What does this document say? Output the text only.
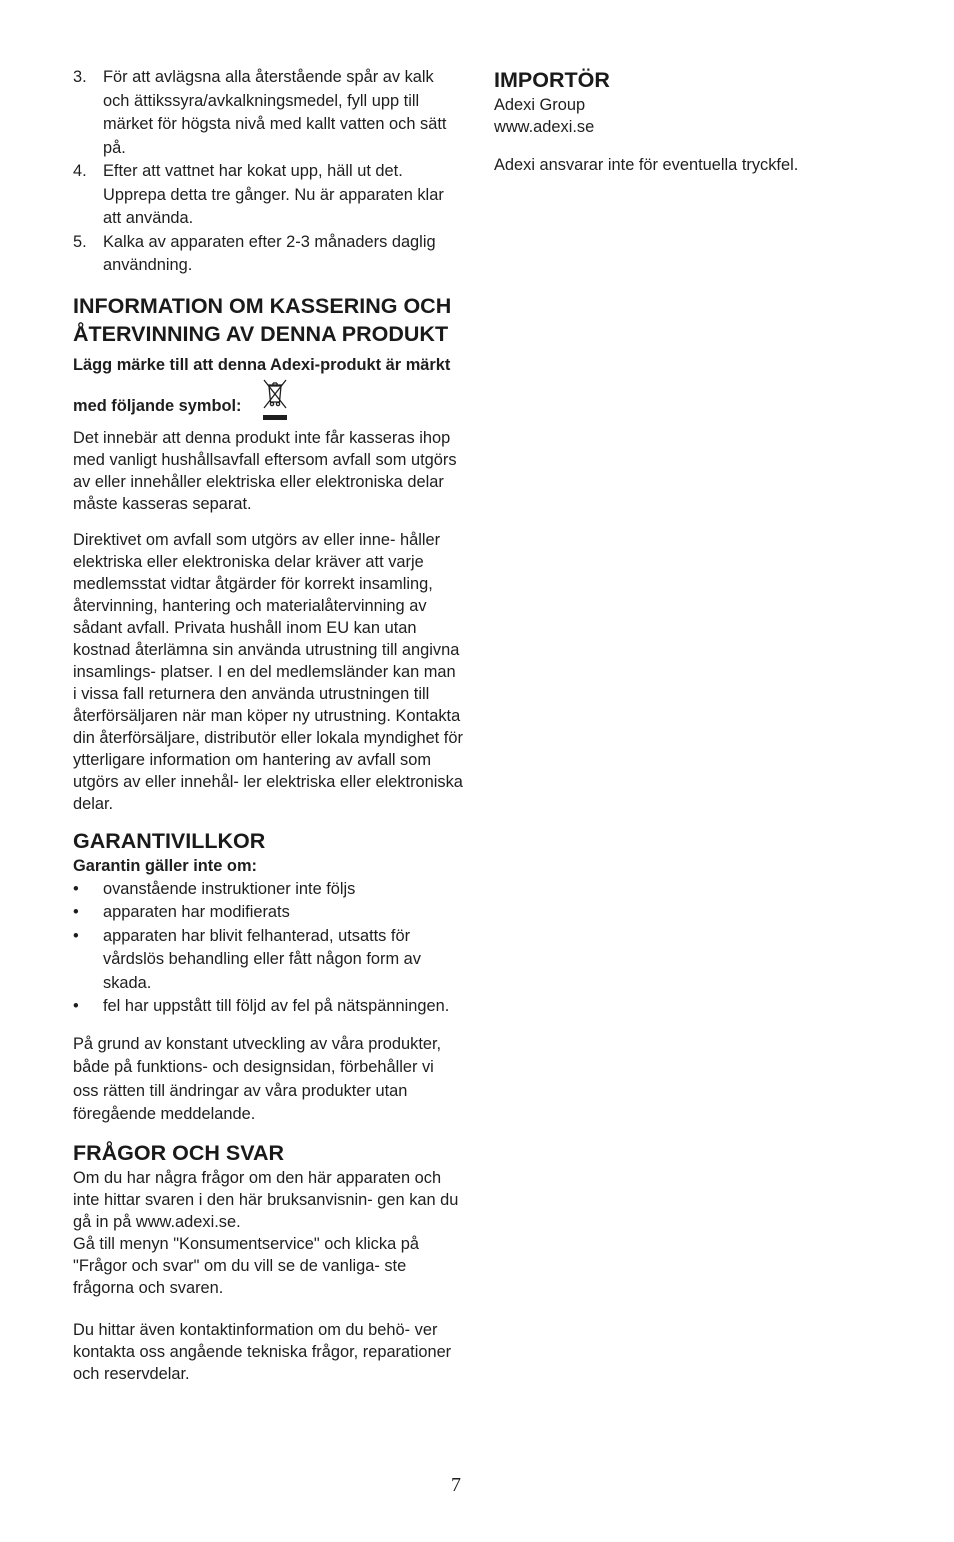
3. För att avlägsna alla återstående spår av kalk och ättikssyra/avkalkningsmedel, fyll upp till märket för högsta nivå med kallt vatten och sätt på.
4. Efter att vattnet har kokat upp, häll ut det. Upprepa detta tre gånger. Nu är apparaten klar att använda.
5. Kalka av apparaten efter 2-3 månaders daglig användning.
INFORMATION OM KASSERING OCH ÅTERVINNING AV DENNA PRODUKT
Lägg märke till att denna Adexi-produkt är märkt med följande symbol:

Det innebär att denna produkt inte får kasseras ihop med vanligt hushållsavfall eftersom avfall som utgörs av eller innehåller elektriska eller elektroniska delar måste kasseras separat.

Direktivet om avfall som utgörs av eller inne- håller elektriska eller elektroniska delar kräver att varje medlemsstat vidtar åtgärder för korrekt insamling, återvinning, hantering och materialåtervinning av sådant avfall. Privata hushåll inom EU kan utan kostnad återlämna sin använda utrustning till angivna insamlings- platser. I en del medlemsländer kan man i vissa fall returnera den använda utrustningen till återförsäljaren när man köper ny utrustning. Kontakta din återförsäljare, distributör eller lokala myndighet för ytterligare information om hantering av avfall som utgörs av eller innehål- ler elektriska eller elektroniska delar.

GARANTIVILLKOR
Garantin gäller inte om:
• ovanstående instruktioner inte följs
• apparaten har modifierats
• apparaten har blivit felhanterad, utsatts för vårdslös behandling eller fått någon form av skada.
• fel har uppstått till följd av fel på nätspänningen.

På grund av konstant utveckling av våra produkter, både på funktions- och designsidan, förbehåller vi oss rätten till ändringar av våra produkter utan föregående meddelande.

FRÅGOR OCH SVAR

Om du har några frågor om den här apparaten och inte hittar svaren i den här bruksanvisnin- gen kan du gå in på www.adexi.se.

Gå till menyn "Konsumentservice" och klicka på "Frågor och svar" om du vill se de vanliga- ste frågorna och svaren.

Du hittar även kontaktinformation om du behö- ver kontakta oss angående tekniska frågor, reparationer och reservdelar.

IMPORTÖR

Adexi Group

www.adexi.se

Adexi ansvarar inte för eventuella tryckfel.

7
